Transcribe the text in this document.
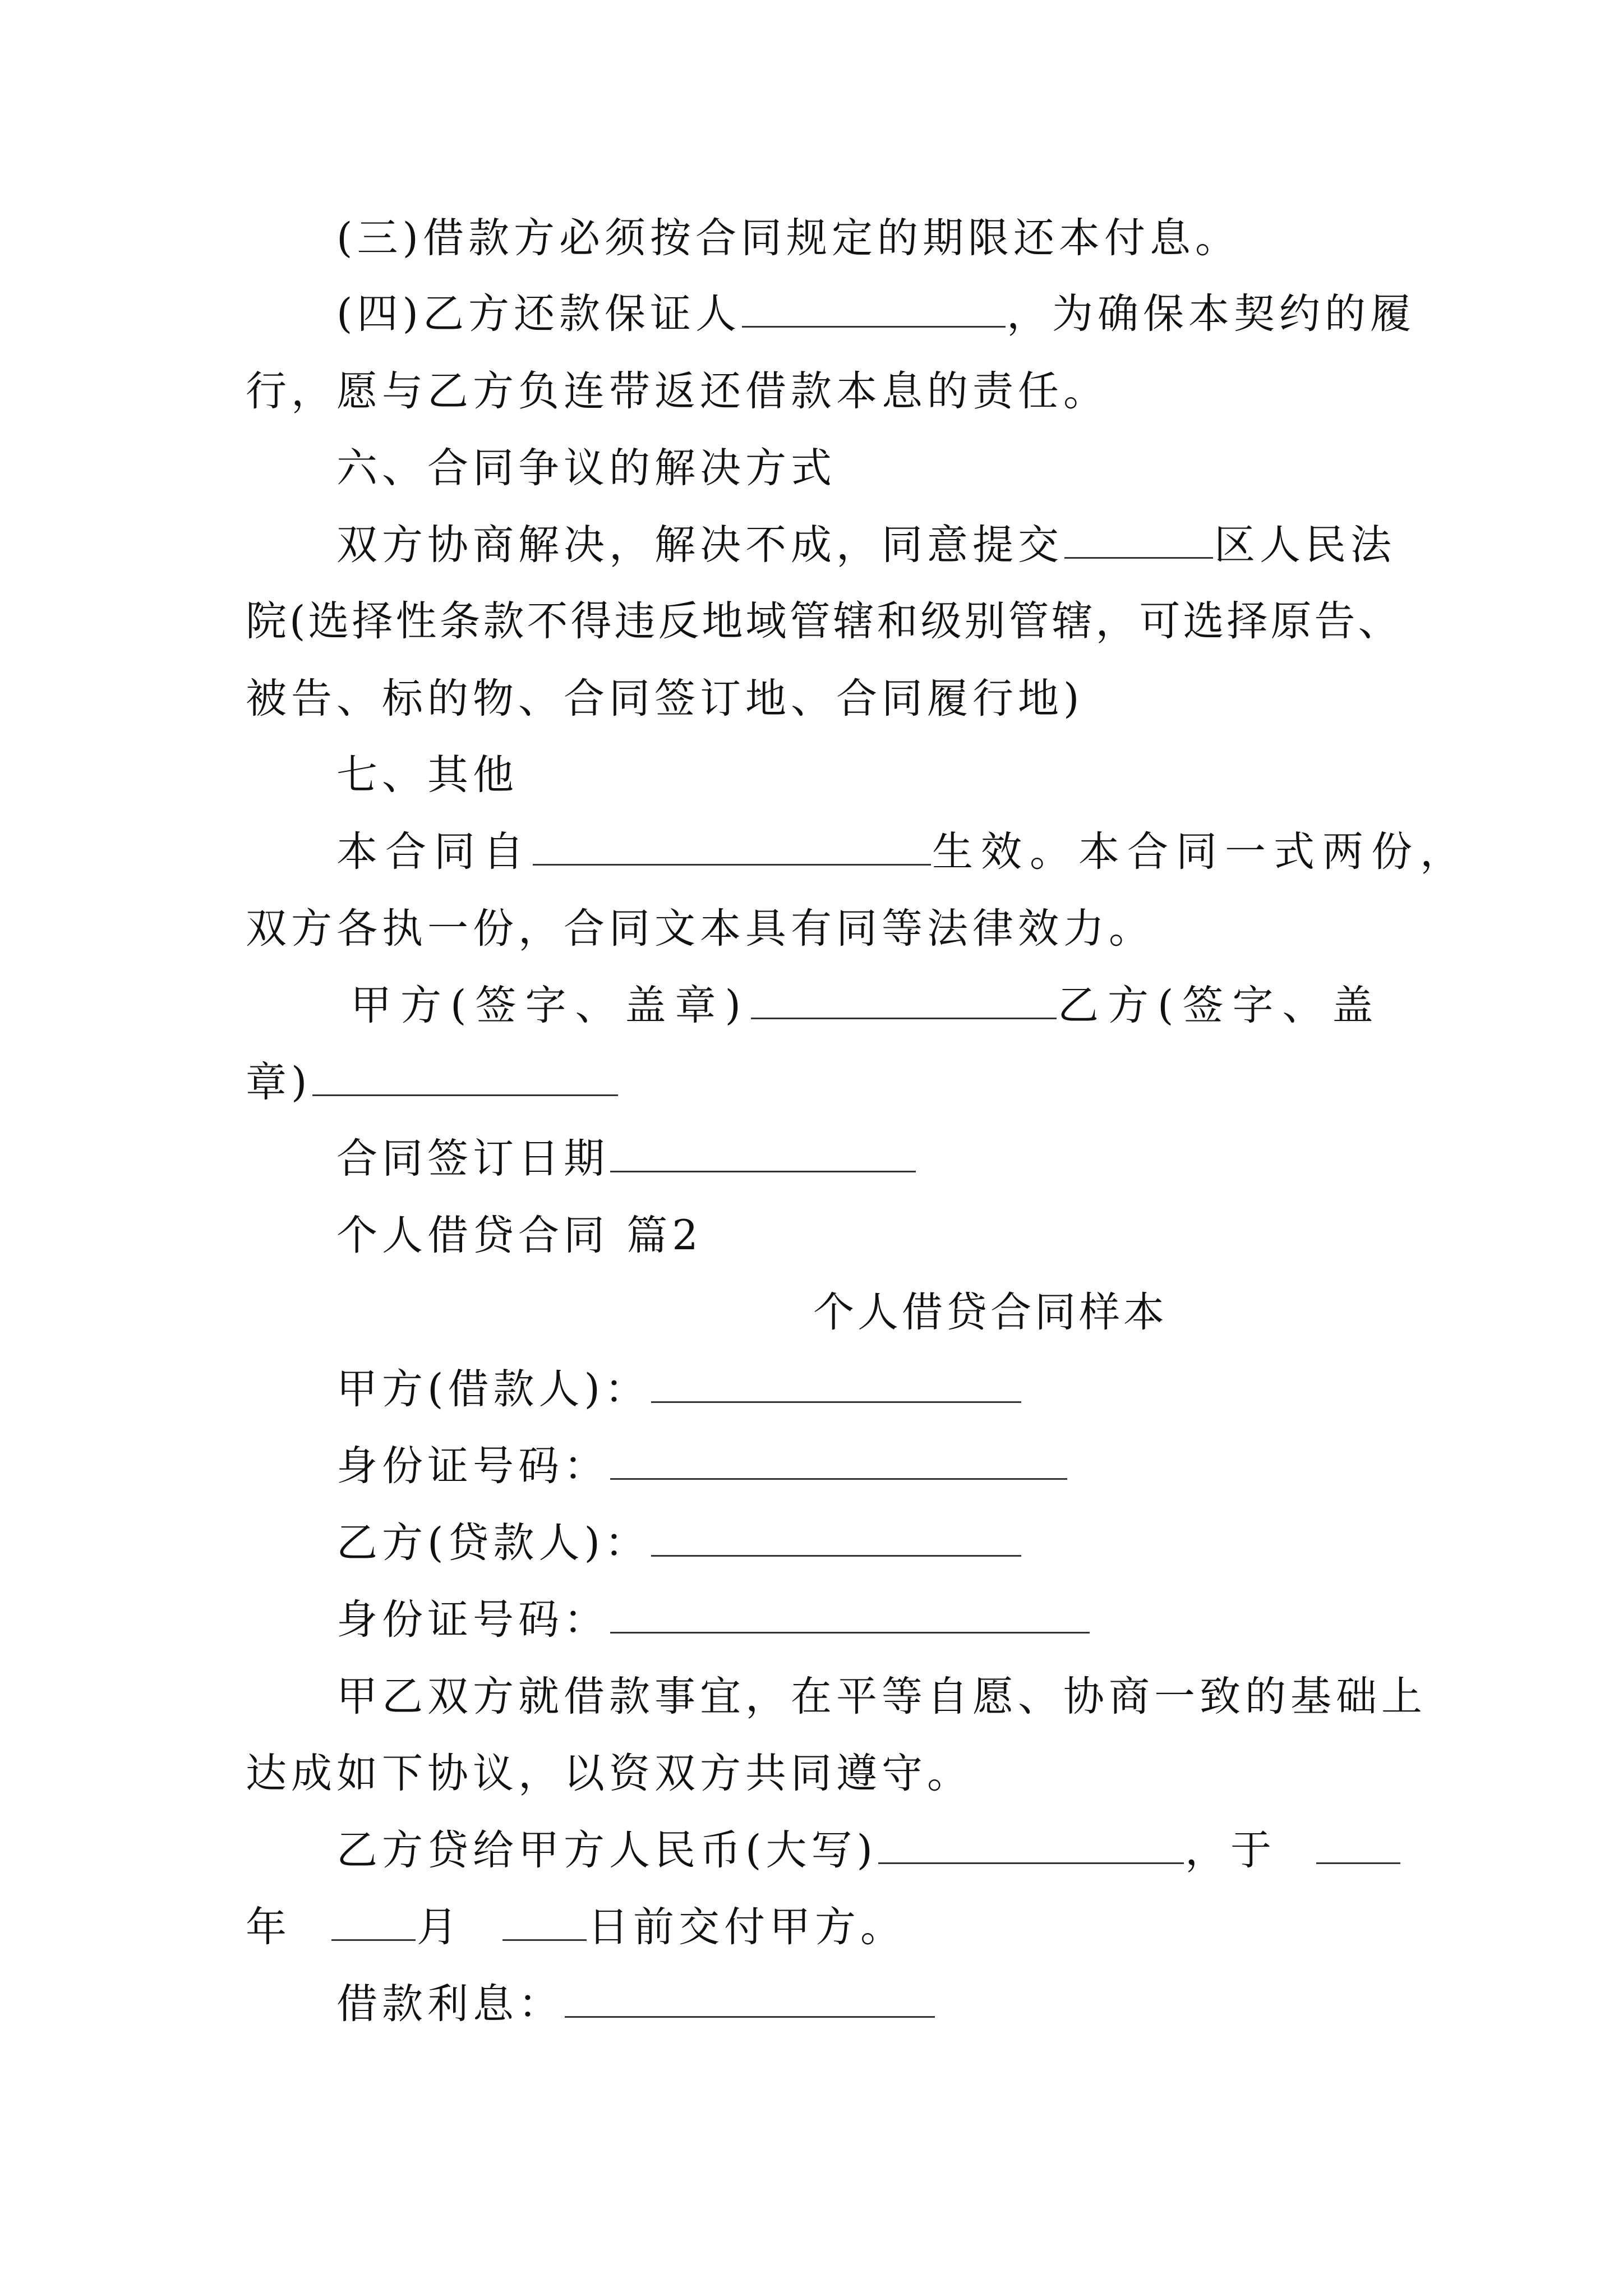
(三)借款方必须按合同规定的期限还本付息。
(四)乙方还款保证人	，为确保本契约的履
行，愿与乙方负连带返还借款本息的责任。
六、合同争议的解决方式
双方协商解决，解决不成，同意提交	区人民法
院(选择性条款不得违反地域管辖和级别管辖，可选择原告、
被告、标的物、合同签订地、合同履行地)
七、其他
本合同自	生效。本合同一式两份，
双方各执一份，合同文本具有同等法律效力。
甲方(签字、盖章)	乙方(签字、盖
章)
合同签订日期
个人借贷合同 篇2
个人借贷合同样本
甲方(借款人)：
身份证号码：
乙方(贷款人)：
身份证号码：
甲乙双方就借款事宜，在平等自愿、协商一致的基础上
达成如下协议，以资双方共同遵守。
乙方贷给甲方人民币(大写)	，于
年	月	日前交付甲方。
借款利息：
